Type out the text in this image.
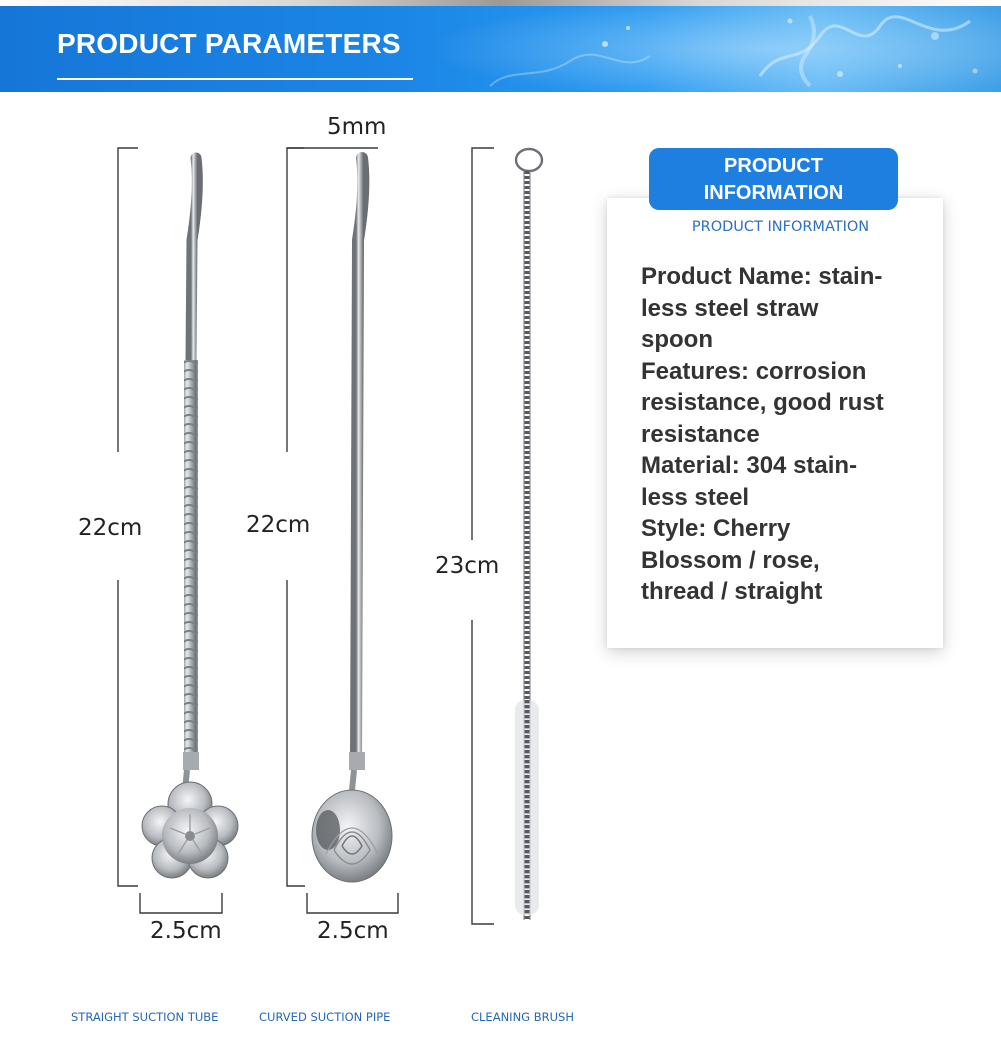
PRODUCT PARAMETERS
22cm
2.5cm
5mm
22cm
2.5cm
23cm
STRAIGHT SUCTION TUBE	CURVED SUCTION PIPE	CLEANING BRUSH
PRODUCT
INFORMATION
PRODUCT INFORMATION
Product Name: stain-
less steel straw
spoon
Features: corrosion
resistance, good rust
resistance
Material: 304 stain-
less steel
Style: Cherry
Blossom / rose,
thread / straight
